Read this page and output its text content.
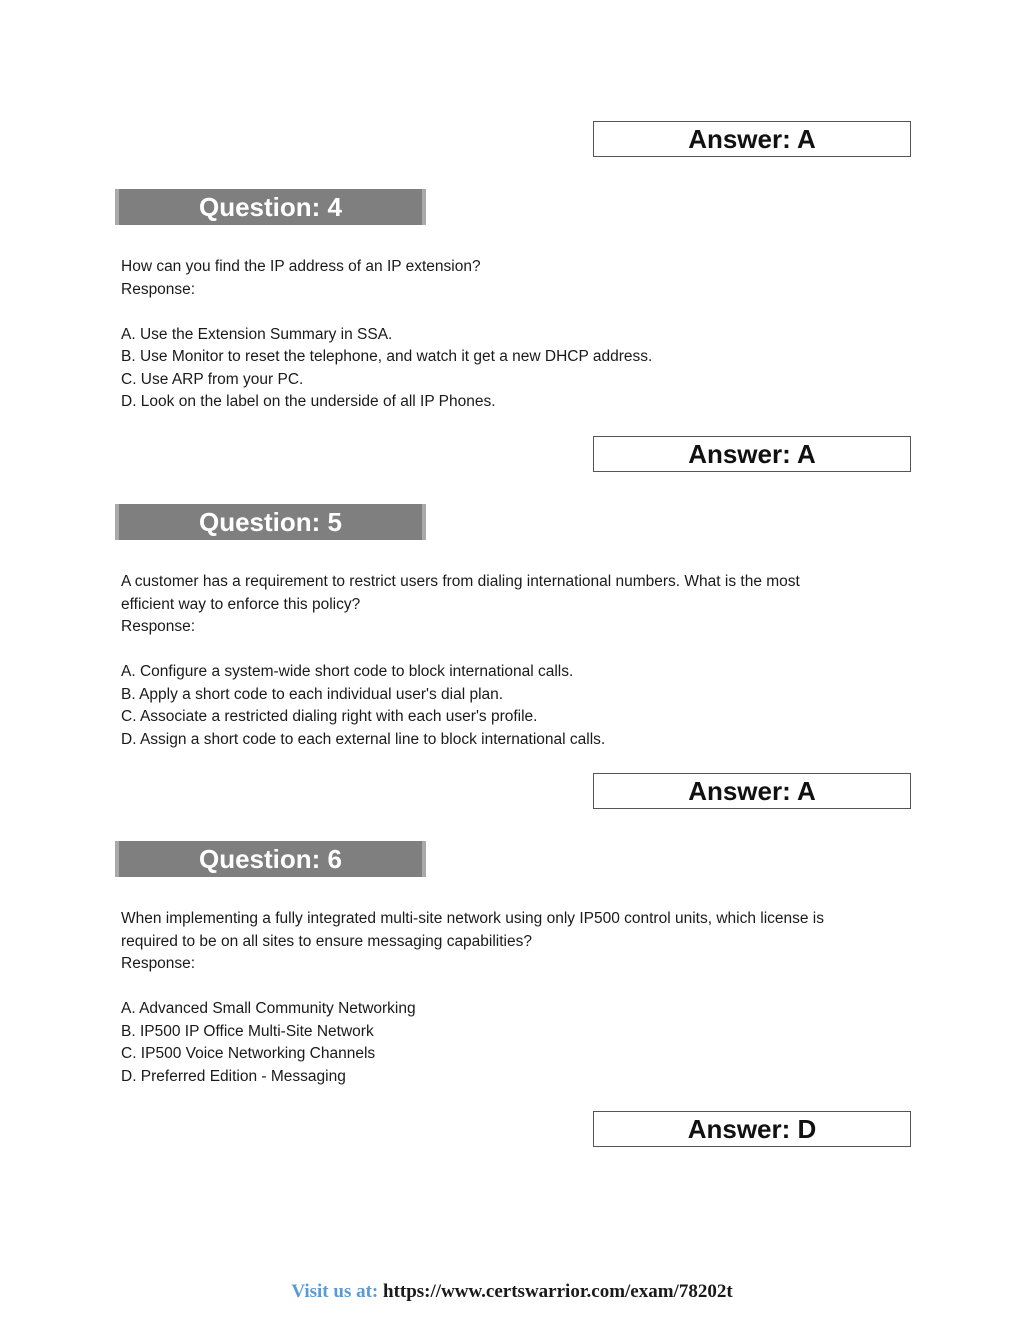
Answer: A
Question: 4
How can you find the IP address of an IP extension?
Response:
A. Use the Extension Summary in SSA.
B. Use Monitor to reset the telephone, and watch it get a new DHCP address.
C. Use ARP from your PC.
D. Look on the label on the underside of all IP Phones.
Answer: A
Question: 5
A customer has a requirement to restrict users from dialing international numbers. What is the most
efficient way to enforce this policy?
Response:
A. Configure a system-wide short code to block international calls.
B. Apply a short code to each individual user's dial plan.
C. Associate a restricted dialing right with each user's profile.
D. Assign a short code to each external line to block international calls.
Answer: A
Question: 6
When implementing a fully integrated multi-site network using only IP500 control units, which license is
required to be on all sites to ensure messaging capabilities?
Response:
A. Advanced Small Community Networking
B. IP500 IP Office Multi-Site Network
C. IP500 Voice Networking Channels
D. Preferred Edition - Messaging
Answer: D
Visit us at: https://www.certswarrior.com/exam/78202t
